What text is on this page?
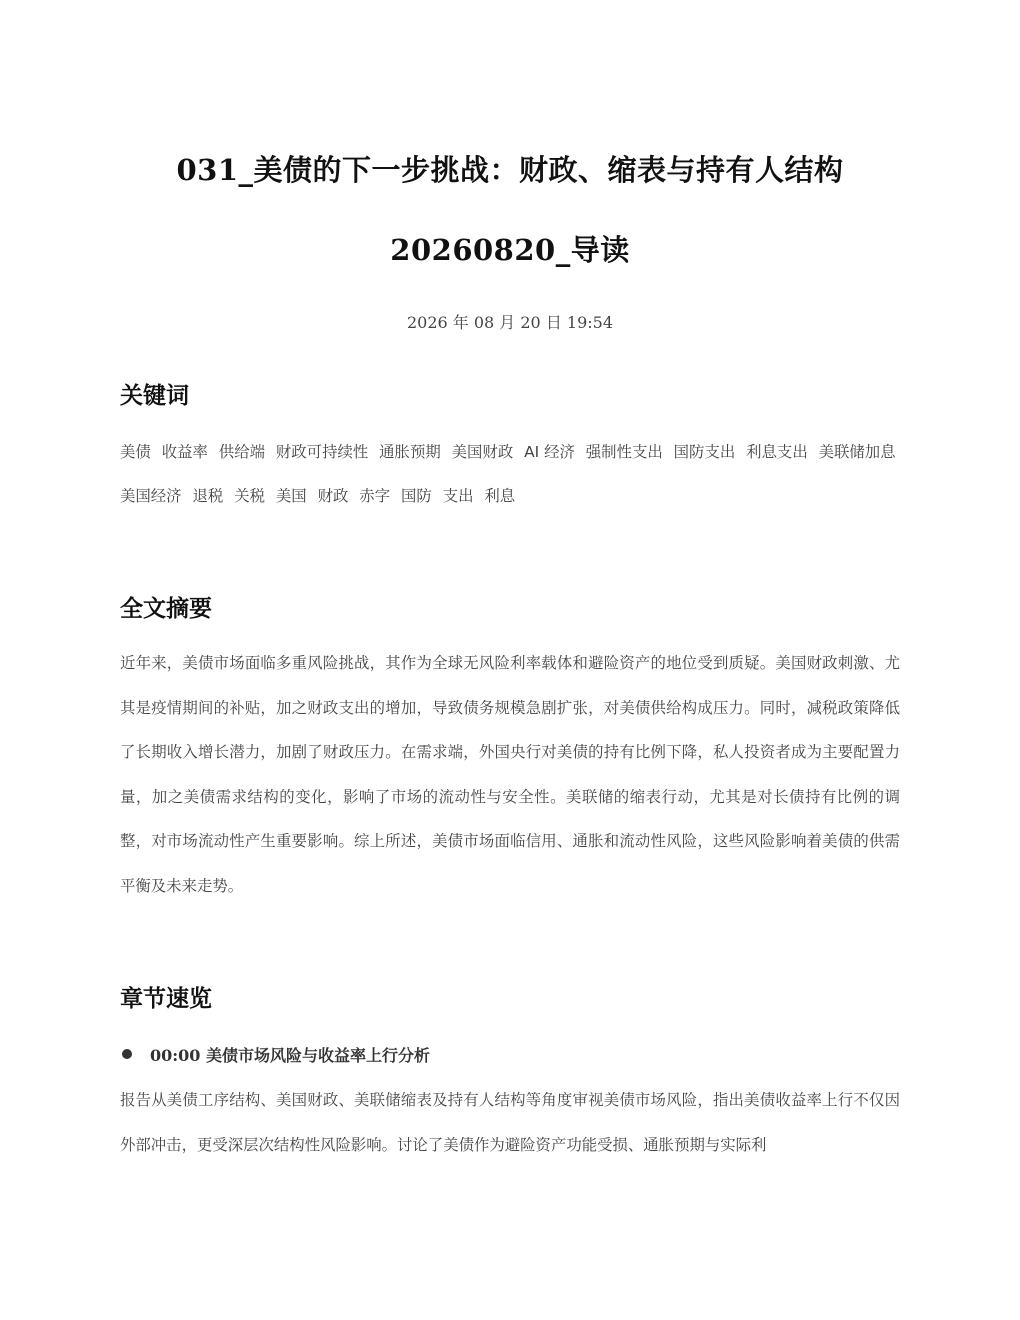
031_美债的下一步挑战：财政、缩表与持有人结构
20260820_导读
2026 年 08 月 20 日 19:54
关键词
美债 收益率 供给端 财政可持续性 通胀预期 美国财政 AI 经济 强制性支出 国防支出 利息支出 美联储加息 美国经济 退税 关税 美国 财政 赤字 国防 支出 利息
全文摘要
近年来，美债市场面临多重风险挑战，其作为全球无风险利率载体和避险资产的地位受到质疑。美国财政刺激、尤其是疫情期间的补贴，加之财政支出的增加，导致债务规模急剧扩张，对美债供给构成压力。同时，减税政策降低了长期收入增长潜力，加剧了财政压力。在需求端，外国央行对美债的持有比例下降，私人投资者成为主要配置力量，加之美债需求结构的变化，影响了市场的流动性与安全性。美联储的缩表行动，尤其是对长债持有比例的调整，对市场流动性产生重要影响。综上所述，美债市场面临信用、通胀和流动性风险，这些风险影响着美债的供需平衡及未来走势。
章节速览
00:00 美债市场风险与收益率上行分析
报告从美债工序结构、美国财政、美联储缩表及持有人结构等角度审视美债市场风险，指出美债收益率上行不仅因外部冲击，更受深层次结构性风险影响。讨论了美债作为避险资产功能受损、通胀预期与实际利
